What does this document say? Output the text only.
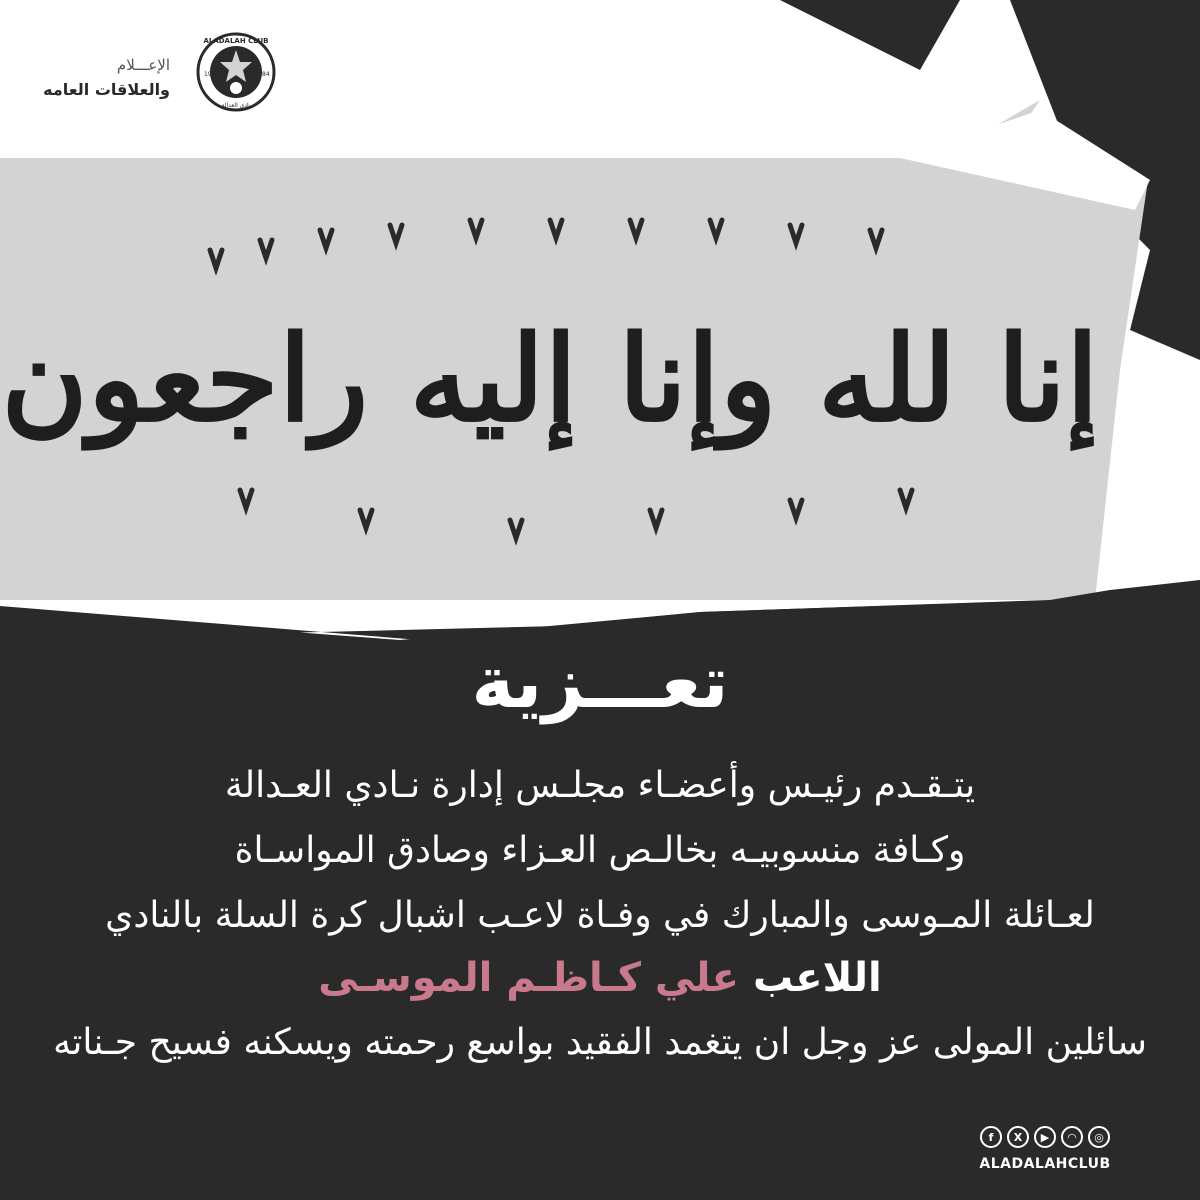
ALADALAH CLUB
19	84
نادي العدالة
الإعـــلام
والعلاقات العامه
إنا لله وإنا إليه راجعون
تعـــزية
يتـقـدم رئيـس وأعضـاء مجلـس إدارة نـادي العـدالة
وكـافة منسوبيـه بخالـص العـزاء وصادق المواسـاة
لعـائلة المـوسى والمبارك في وفـاة لاعـب اشبال كرة السلة بالنادي
اللاعب علي كـاظـم الموسـى
سائلين المولى عز وجل ان يتغمد الفقيد بواسع رحمته ويسكنه فسيح جـناته
f	X	▶	◠	◎
ALADALAHCLUB
